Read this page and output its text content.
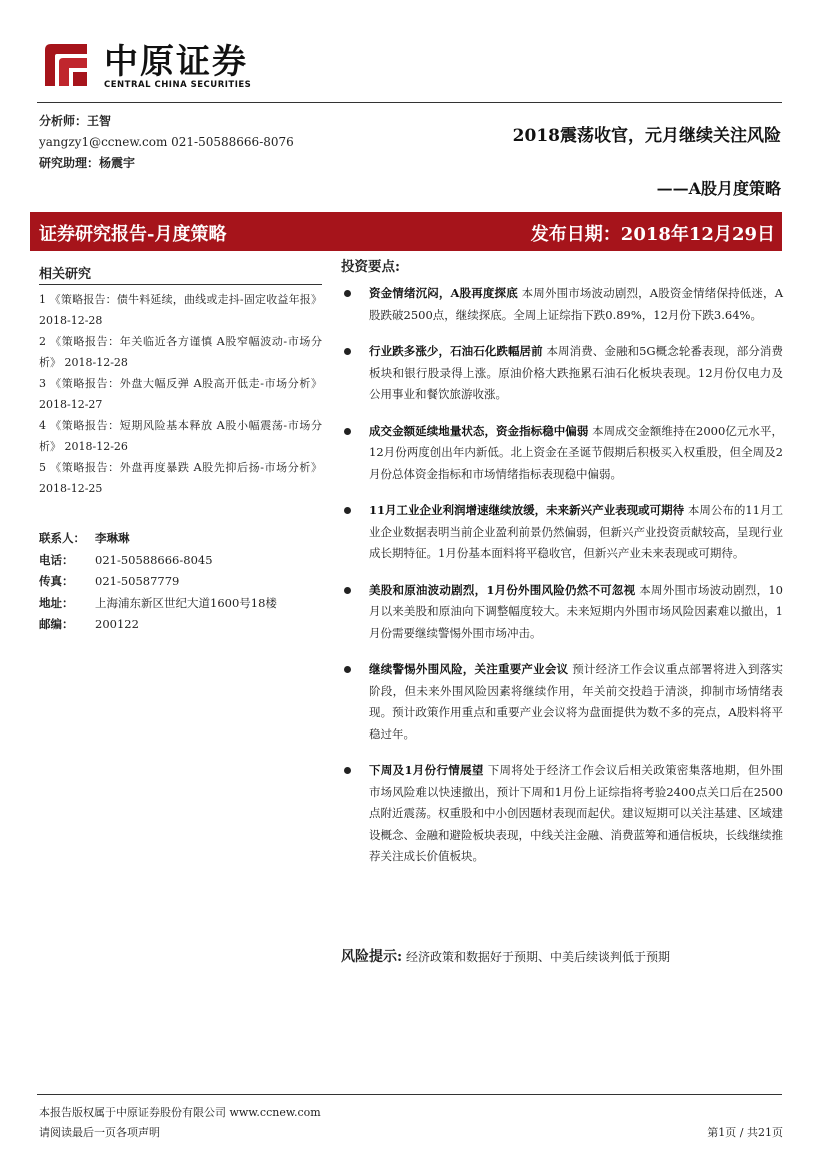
中原证券
CENTRAL CHINA SECURITIES
分析师：王智
yangzy1@ccnew.com 021-50588666-8076
研究助理：杨震宇
2018震荡收官，元月继续关注风险
——A股月度策略
证券研究报告-月度策略	发布日期：2018年12月29日
相关研究
1 《策略报告：债牛料延续，曲线或走抖-固定收益年报》 2018-12-28
2 《策略报告：年关临近各方谨慎 A股窄幅波动-市场分析》 2018-12-28
3 《策略报告：外盘大幅反弹 A股高开低走-市场分析》 2018-12-27
4 《策略报告：短期风险基本释放 A股小幅震荡-市场分析》 2018-12-26
5 《策略报告：外盘再度暴跌 A股先抑后扬-市场分析》 2018-12-25
联系人： 李琳琳
电话：	021-50588666-8045
传真：	021-50587779
地址：	上海浦东新区世纪大道1600号18楼
邮编：	200122
投资要点:
资金情绪沉闷，A股再度探底 本周外围市场波动剧烈，A股资金情绪保持低迷，A股跌破2500点，继续探底。全周上证综指下跌0.89%，12月份下跌3.64%。
行业跌多涨少，石油石化跌幅居前 本周消费、金融和5G概念轮番表现，部分消费板块和银行股录得上涨。原油价格大跌拖累石油石化板块表现。12月份仅电力及公用事业和餐饮旅游收涨。
成交金额延续地量状态，资金指标稳中偏弱 本周成交金额维持在2000亿元水平，12月份两度创出年内新低。北上资金在圣诞节假期后积极买入权重股，但全周及2月份总体资金指标和市场情绪指标表现稳中偏弱。
11月工业企业利润增速继续放缓，未来新兴产业表现或可期待 本周公布的11月工业企业数据表明当前企业盈利前景仍然偏弱，但新兴产业投资贡献较高，呈现行业成长期特征。1月份基本面料将平稳收官，但新兴产业未来表现或可期待。
美股和原油波动剧烈，1月份外围风险仍然不可忽视 本周外围市场波动剧烈，10月以来美股和原油向下调整幅度较大。未来短期内外围市场风险因素难以撤出，1月份需要继续警惕外围市场冲击。
继续警惕外围风险，关注重要产业会议 预计经济工作会议重点部署将进入到落实阶段，但未来外围风险因素将继续作用，年关前交投趋于清淡，抑制市场情绪表现。预计政策作用重点和重要产业会议将为盘面提供为数不多的亮点，A股料将平稳过年。
下周及1月份行情展望 下周将处于经济工作会议后相关政策密集落地期，但外围市场风险难以快速撤出，预计下周和1月份上证综指将考验2400点关口后在2500点附近震荡。权重股和中小创因题材表现而起伏。建议短期可以关注基建、区域建设概念、金融和避险板块表现，中线关注金融、消费蓝筹和通信板块，长线继续推荐关注成长价值板块。
风险提示: 经济政策和数据好于预期、中美后续谈判低于预期
本报告版权属于中原证券股份有限公司 www.ccnew.com
请阅读最后一页各项声明	第1页 / 共21页
